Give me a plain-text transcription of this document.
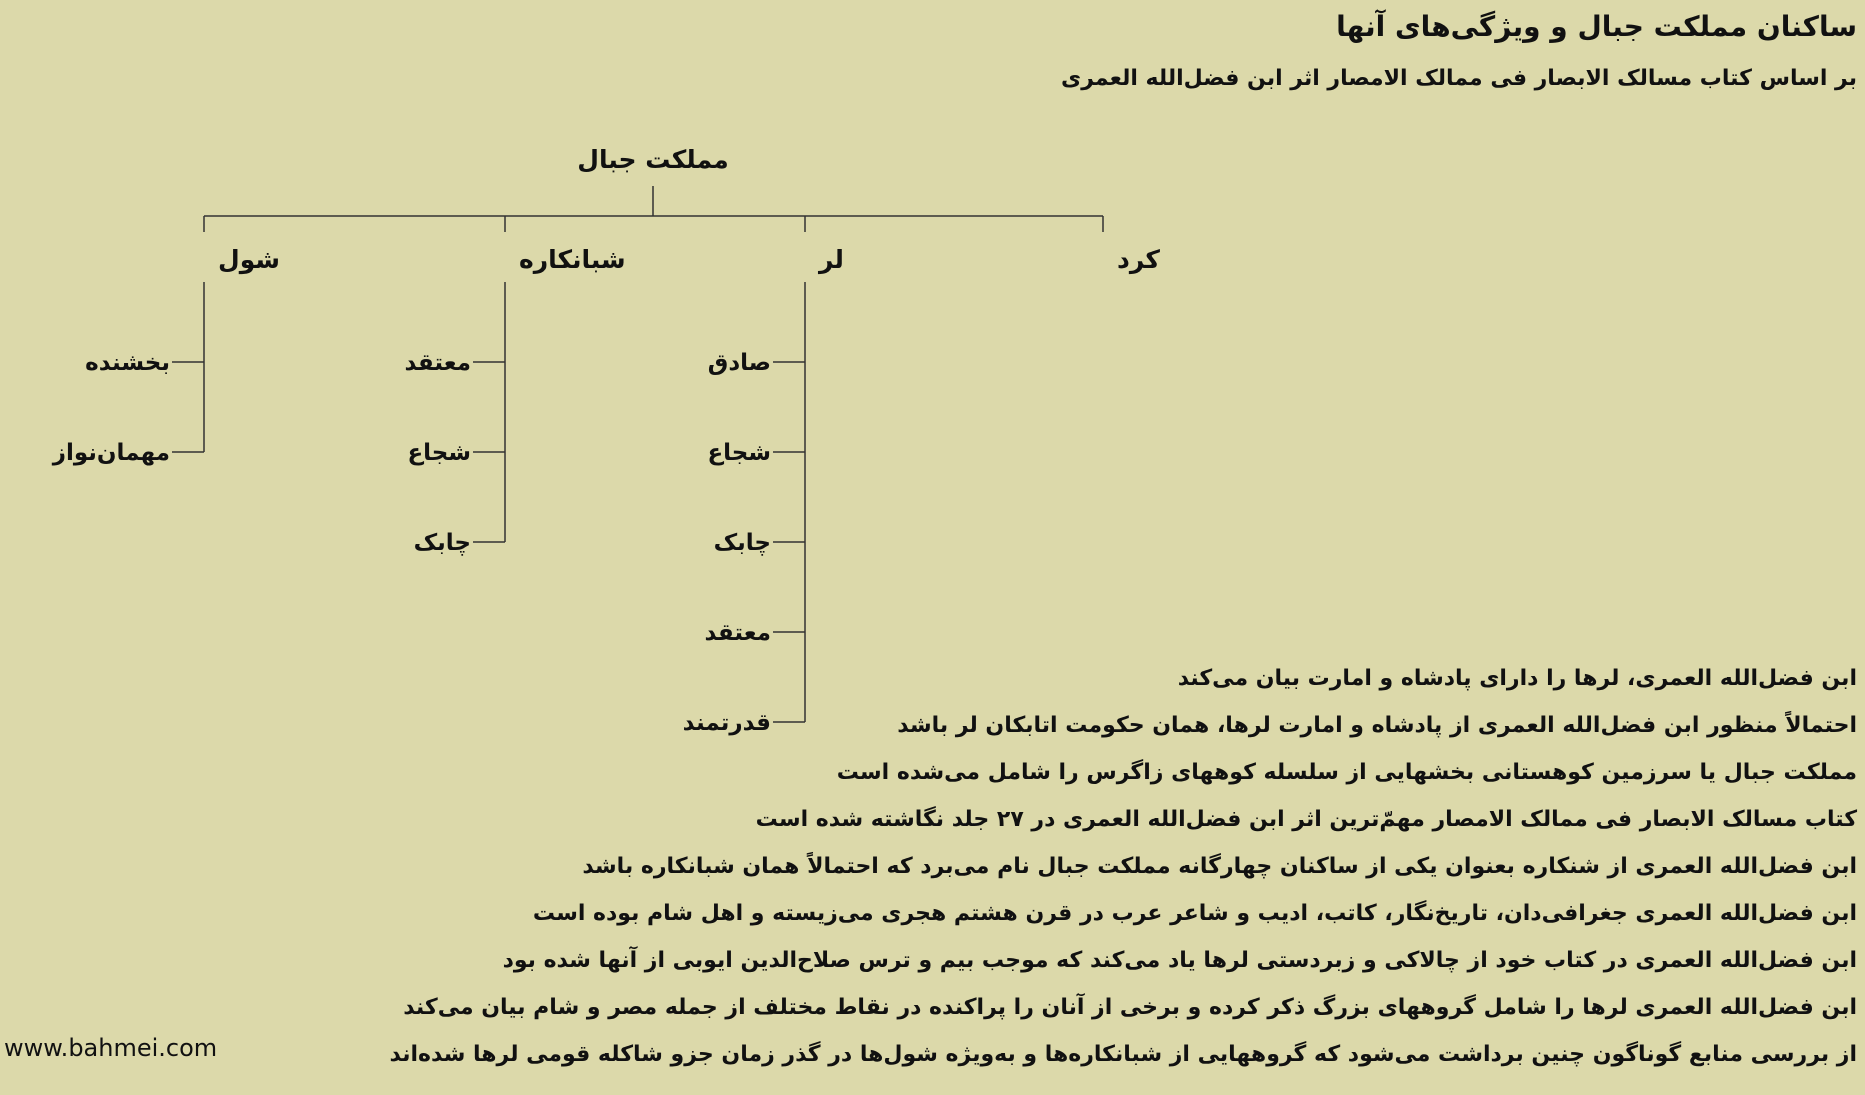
ساکنان مملکت جبال و ویژگی‌های آنها
بر اساس کتاب مسالک الابصار فی ممالک الامصار اثر ابن فضل‌الله العمری
مملکت جبال
کرد
لر
صادق
شجاع
چابک
معتقد
قدرتمند
شبانکاره
معتقد
شجاع
چابک
شول
بخشنده
مهمان‌نواز
ابن فضل‌الله العمری، لرها را دارای پادشاه و امارت بیان می‌کند
احتمالاً منظور ابن فضل‌الله العمری از پادشاه و امارت لرها، همان حکومت اتابکان لر باشد
مملکت جبال یا سرزمین کوهستانی بخشهایی از سلسله کوههای زاگرس را شامل می‌شده است
کتاب مسالک الابصار فی ممالک الامصار مهمّ‌ترین اثر ابن فضل‌الله العمری در ۲۷ جلد نگاشته شده است
ابن فضل‌الله العمری از شنکاره بعنوان یکی از ساکنان چهارگانه مملکت جبال نام می‌برد که احتمالاً همان شبانکاره باشد
ابن فضل‌الله العمری جغرافی‌دان، تاریخ‌نگار، کاتب، ادیب و شاعر عرب در قرن هشتم هجری می‌زیسته و اهل شام بوده است
ابن فضل‌الله العمری در کتاب خود از چالاکی و زبردستی لرها یاد می‌کند که موجب بیم و ترس صلاح‌الدین ایوبی از آنها شده بود
ابن فضل‌الله العمری لرها را شامل گروههای بزرگ ذکر کرده و برخی از آنان را پراکنده در نقاط مختلف از جمله مصر و شام بیان می‌کند
از بررسی منابع گوناگون چنین برداشت می‌شود که گروههایی از شبانکاره‌ها و به‌ویژه شول‌ها در گذر زمان جزو شاکله قومی لرها شده‌اند
www.bahmei.com
